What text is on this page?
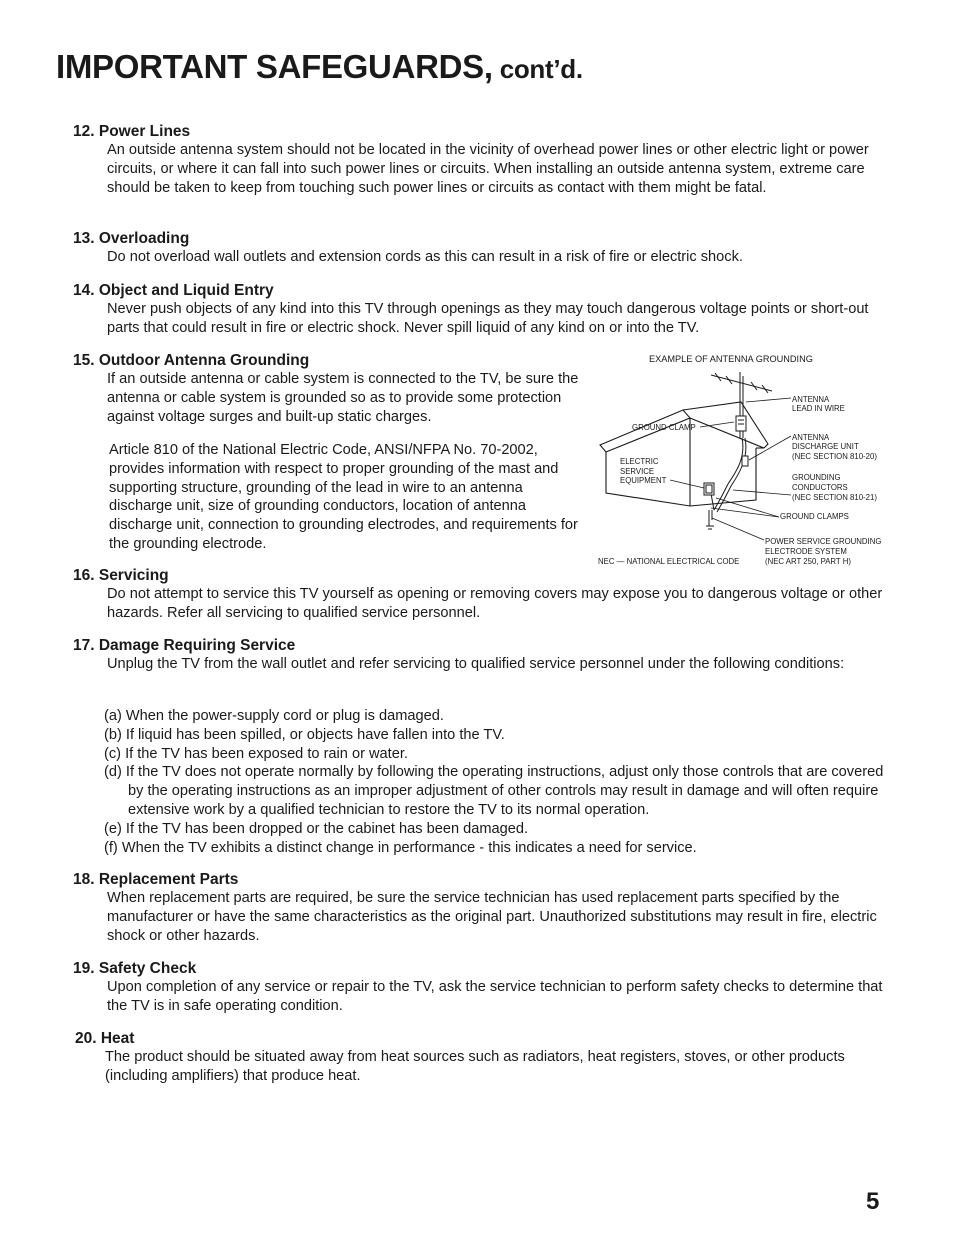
IMPORTANT SAFEGUARDS, cont’d.
12. Power Lines

An outside antenna system should not be located in the vicinity of overhead power lines or other electric light or power circuits, or where it can fall into such power lines or circuits. When installing an outside antenna system, extreme care should be taken to keep from touching such power lines or circuits as contact with them might be fatal.

13. Overloading

Do not overload wall outlets and extension cords as this can result in a risk of fire or electric shock.

14. Object and Liquid Entry

Never push objects of any kind into this TV through openings as they may touch dangerous voltage points or short-out parts that could result in fire or electric shock. Never spill liquid of any kind on or into the TV.

15. Outdoor Antenna Grounding

If an outside antenna or cable system is connected to the TV, be sure the antenna or cable system is grounded so as to provide some protection against voltage surges and built-up static charges.

Article 810 of the National Electric Code, ANSI/NFPA No. 70-2002, provides information with respect to proper grounding of the mast and supporting structure, grounding of the lead in wire to an antenna discharge unit, size of grounding conductors, location of antenna discharge unit, connection to grounding electrodes, and requirements for the grounding electrode.

EXAMPLE OF ANTENNA GROUNDING
GROUND CLAMP
ANTENNA
LEAD IN WIRE
ANTENNA
DISCHARGE UNIT
(NEC SECTION 810-20)
ELECTRIC
SERVICE
EQUIPMENT	GROUNDING
CONDUCTORS
(NEC SECTION 810-21)
GROUND CLAMPS
POWER SERVICE GROUNDING
ELECTRODE SYSTEM
(NEC ART 250, PART H)
NEC — NATIONAL ELECTRICAL CODE
16. Servicing

Do not attempt to service this TV yourself as opening or removing covers may expose you to dangerous voltage or other hazards. Refer all servicing to qualified service personnel.

17. Damage Requiring Service

Unplug the TV from the wall outlet and refer servicing to qualified service personnel under the following conditions:

(a) When the power-supply cord or plug is damaged.
(b) If liquid has been spilled, or objects have fallen into the TV.
(c) If the TV has been exposed to rain or water.
(d) If the TV does not operate normally by following the operating instructions, adjust only those controls that are covered by the operating instructions as an improper adjustment of other controls may result in damage and will often require extensive work by a qualified technician to restore the TV to its normal operation.
(e) If the TV has been dropped or the cabinet has been damaged.
(f) When the TV exhibits a distinct change in performance - this indicates a need for service.
18. Replacement Parts

When replacement parts are required, be sure the service technician has used replacement parts specified by the manufacturer or have the same characteristics as the original part. Unauthorized substitutions may result in fire, electric shock or other hazards.

19. Safety Check

Upon completion of any service or repair to the TV, ask the service technician to perform safety checks to determine that the TV is in safe operating condition.

20. Heat

The product should be situated away from heat sources such as radiators, heat registers, stoves, or other products (including amplifiers) that produce heat.

5
